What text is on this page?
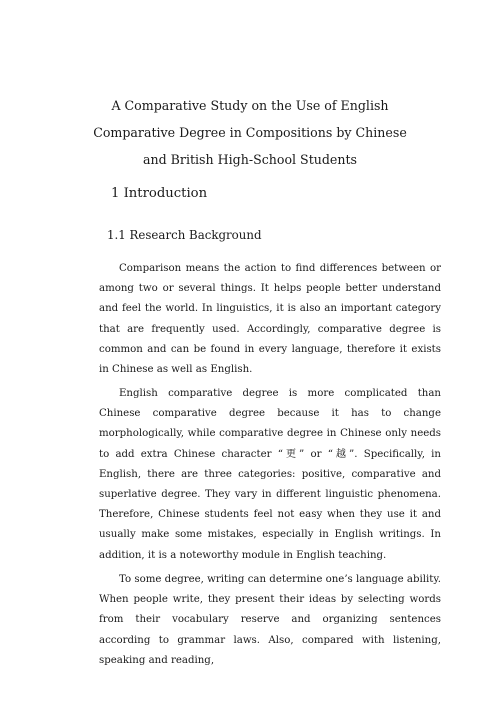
A Comparative Study on the Use of English
Comparative Degree in Compositions by Chinese
and British High-School Students
1 Introduction
1.1 Research Background

Comparison means the action to find differences between or among two or several things. It helps people better understand and feel the world. In linguistics, it is also an important category that are frequently used. Accordingly, comparative degree is common and can be found in every language, therefore it exists in Chinese as well as English.

English comparative degree is more complicated than Chinese comparative degree because it has to change morphologically, while comparative degree in Chinese only needs to add extra Chinese character “更” or “越”. Specifically, in English, there are three categories: positive, comparative and superlative degree. They vary in different linguistic phenomena. Therefore, Chinese students feel not easy when they use it and usually make some mistakes, especially in English writings. In addition, it is a noteworthy module in English teaching.

To some degree, writing can determine one’s language ability. When people write, they present their ideas by selecting words from their vocabulary reserve and organizing sentences according to grammar laws. Also, compared with listening, speaking and reading,
